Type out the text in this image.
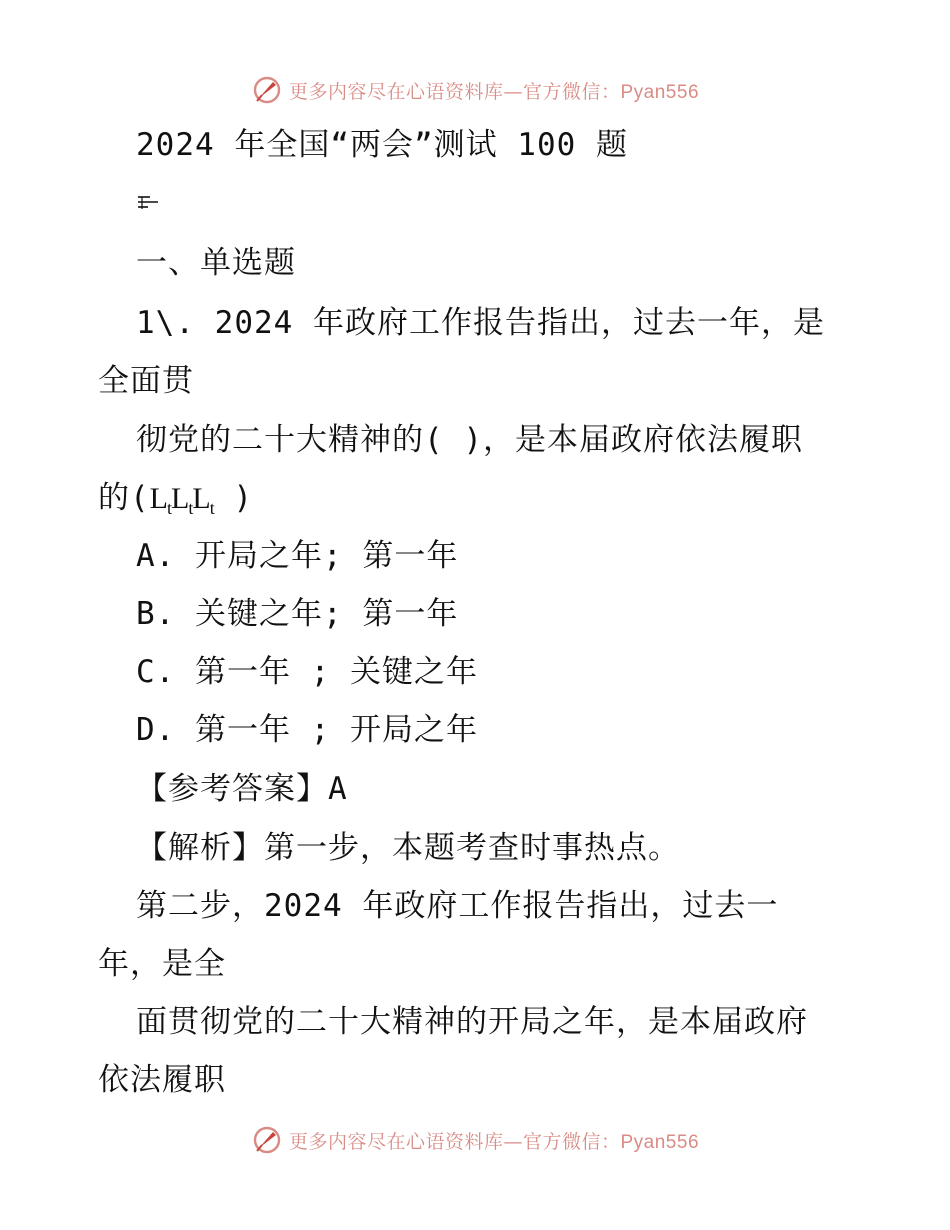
更多内容尽在心语资料库—官方微信：Pyan556
2024 年全国“两会”测试 100 题
一、单选题
1\. 2024 年政府工作报告指出，过去一年，是
全面贯
彻党的二十大精神的( )，是本届政府依法履职
的($L_tL_tL_t$ )
A. 开局之年; 第一年
B. 关键之年; 第一年
C. 第一年 ; 关键之年
D. 第一年 ; 开局之年
【参考答案】A
【解析】第一步，本题考查时事热点。
第二步，2024 年政府工作报告指出，过去一
年，是全
面贯彻党的二十大精神的开局之年，是本届政府
依法履职
更多内容尽在心语资料库—官方微信：Pyan556
